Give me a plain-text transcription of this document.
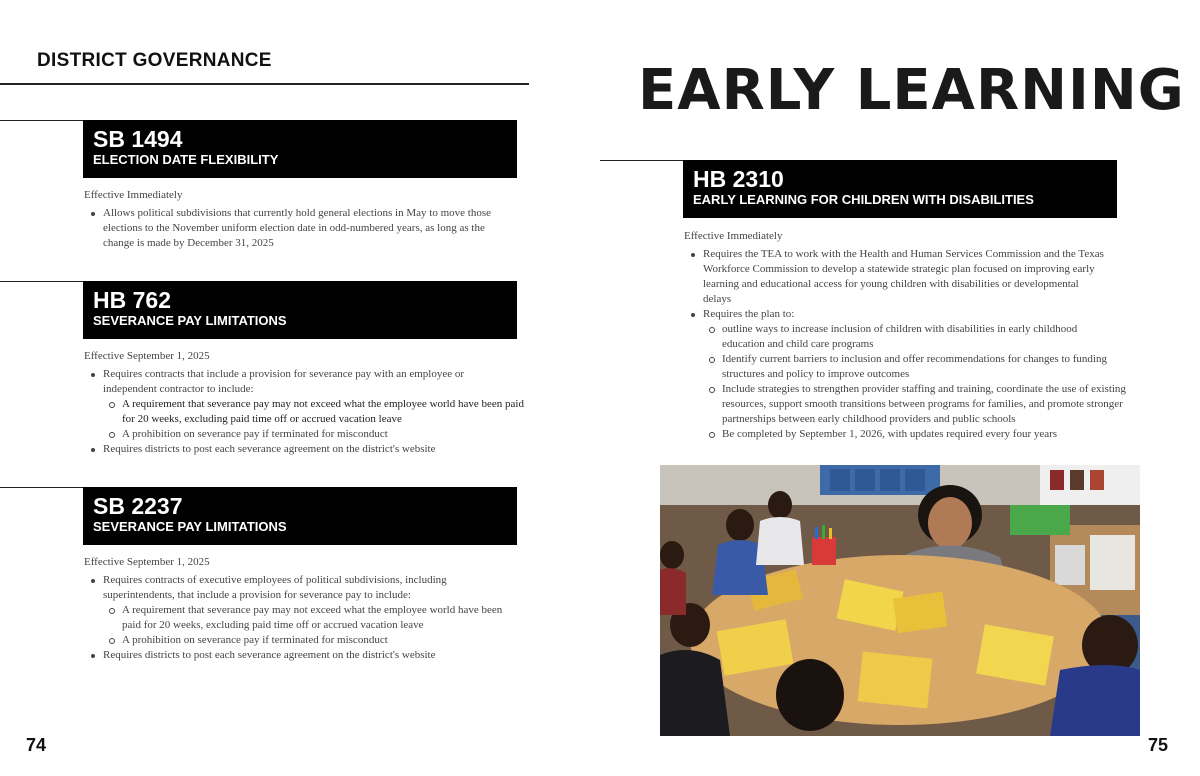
DISTRICT GOVERNANCE
SB 1494
ELECTION DATE FLEXIBILITY
Effective Immediately
Allows political subdivisions that currently hold general elections in May to move those elections to the November uniform election date in odd-numbered years, as long as the change is made by December 31, 2025
HB 762
SEVERANCE PAY LIMITATIONS
Effective September 1, 2025
Requires contracts that include a provision for severance pay with an employee or independent contractor to include:
A requirement that severance pay may not exceed what the employee world have been paid for 20 weeks, excluding paid time off or accrued vacation leave
A prohibition on severance pay if terminated for misconduct
Requires districts to post each severance agreement on the district's website
SB 2237
SEVERANCE PAY LIMITATIONS
Effective September 1, 2025
Requires contracts of executive employees of political subdivisions, including superintendents, that include a provision for severance pay to include:
A requirement that severance pay may not exceed what the employee world have been paid for 20 weeks, excluding paid time off or accrued vacation leave
A prohibition on severance pay if terminated for misconduct
Requires districts to post each severance agreement on the district's website
74
EARLY LEARNING
HB 2310
EARLY LEARNING FOR CHILDREN WITH DISABILITIES
Effective Immediately
Requires the TEA to work with the Health and Human Services Commission and the Texas Workforce Commission to develop a statewide strategic plan focused on improving early learning and educational access for young children with disabilities or developmental delays
Requires the plan to:
outline ways to increase inclusion of children with disabilities in early childhood education and child care programs
Identify current barriers to inclusion and offer recommendations for changes to funding structures and policy to improve outcomes
Include strategies to strengthen provider staffing and training, coordinate the use of existing resources, support smooth transitions between programs for families, and promote stronger partnerships between early childhood providers and public schools
Be completed by September 1, 2026, with updates required every four years
75
